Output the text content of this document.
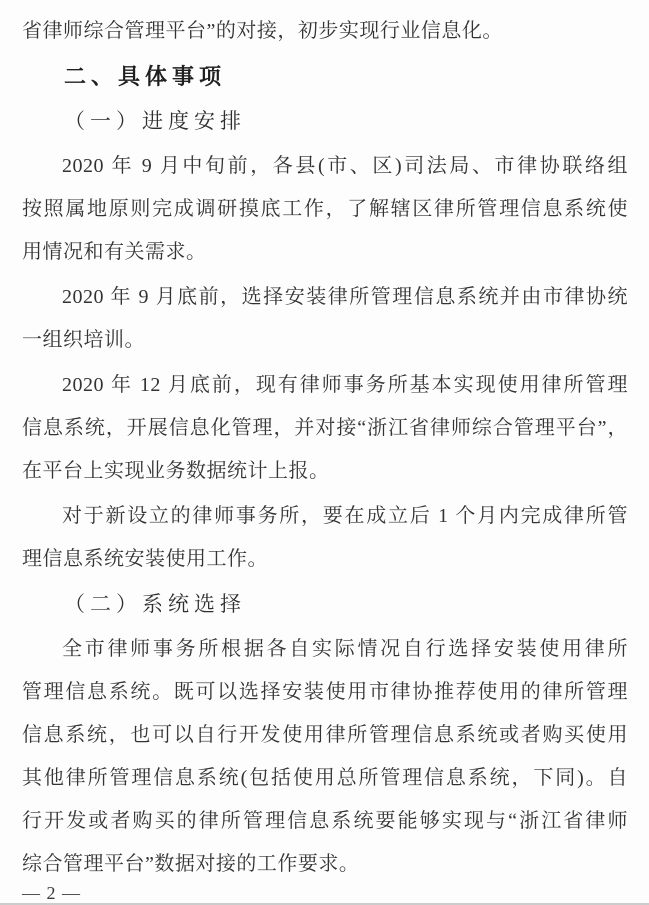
省律师综合管理平台”的对接，初步实现行业信息化。
二、具体事项
（一）进度安排
2020 年 9 月中旬前，各县(市、区)司法局、市律协联络组
按照属地原则完成调研摸底工作，了解辖区律所管理信息系统使
用情况和有关需求。
2020 年 9 月底前，选择安装律所管理信息系统并由市律协统
一组织培训。
2020 年 12 月底前，现有律师事务所基本实现使用律所管理
信息系统，开展信息化管理，并对接“浙江省律师综合管理平台”，
在平台上实现业务数据统计上报。
对于新设立的律师事务所，要在成立后 1 个月内完成律所管
理信息系统安装使用工作。
（二）系统选择
全市律师事务所根据各自实际情况自行选择安装使用律所
管理信息系统。既可以选择安装使用市律协推荐使用的律所管理
信息系统，也可以自行开发使用律所管理信息系统或者购买使用
其他律所管理信息系统(包括使用总所管理信息系统，下同)。自
行开发或者购买的律所管理信息系统要能够实现与“浙江省律师
综合管理平台”数据对接的工作要求。
— 2 —
